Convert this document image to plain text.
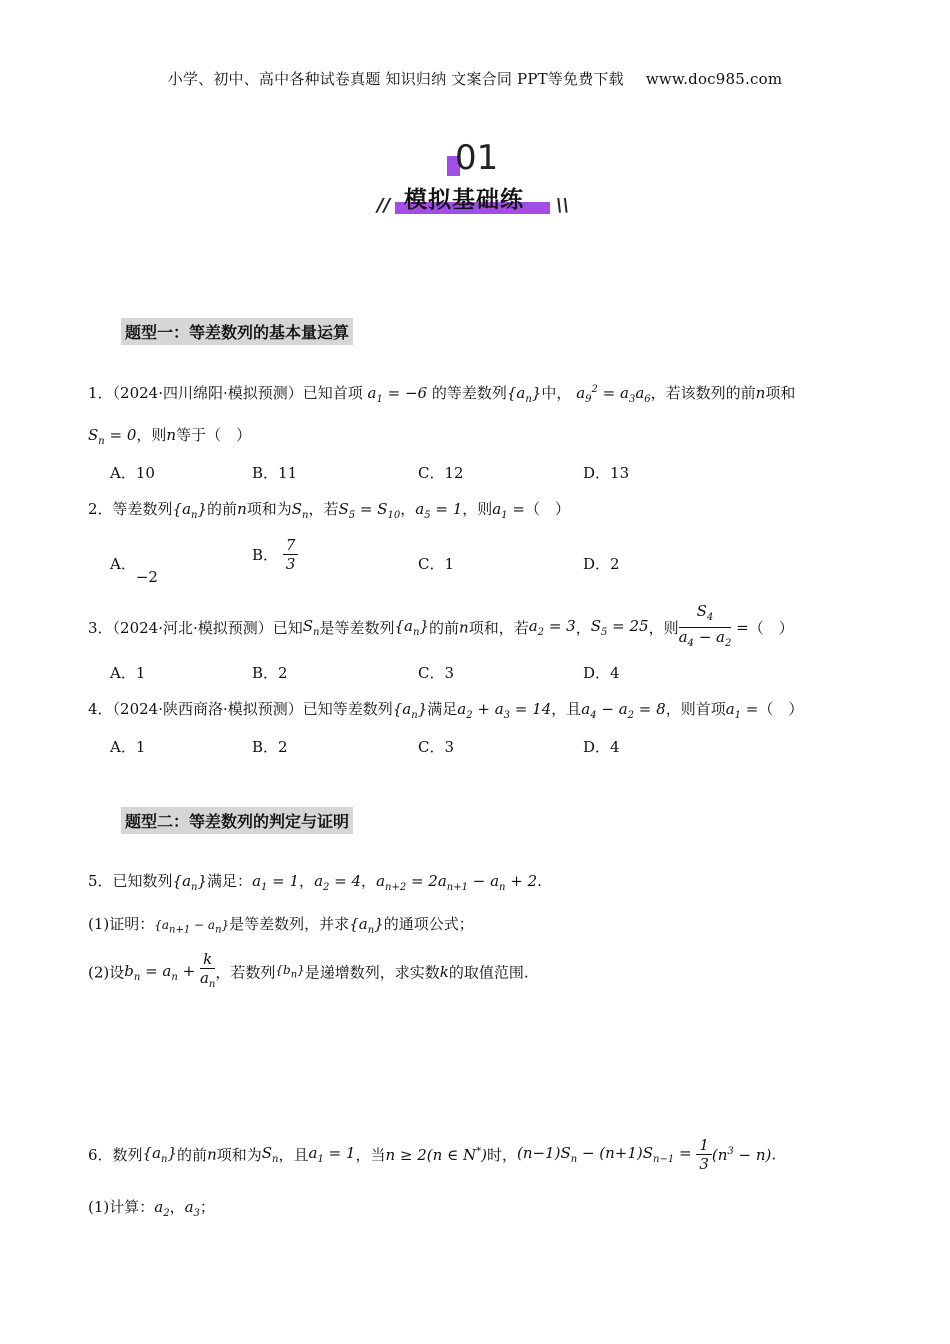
小学、初中、高中各种试卷真题 知识归纳 文案合同 PPT等免费下载 www.doc985.com
01
// 模拟基础练 \\
题型一：等差数列的基本量运算
1．（2024·四川绵阳·模拟预测）已知首项 $a_1 = -6$ 的等差数列$\{a_n\}$中， $a_9^2 = a_3a_6$，若该数列的前n项和
$S_n = 0$，则n等于（　）
A．10	B．11	C．12	D．13
2．等差数列$\{a_n\}$的前n项和为$S_n$，若$S_5 = S_{10}$，$a_5 = 1$，则$a_1$ =（　）
A．−2
B． $\frac{7}{3}$	C．1	D．2
3．（2024·河北·模拟预测）已知$S_n$是等差数列$\{a_n\}$的前n项和，若$a_2 = 3$，$S_5 = 25$，则 $\frac{S_4}{a_4 - a_2}$ =（　）
A．1	B．2	C．3	D．4
4．（2024·陕西商洛·模拟预测）已知等差数列$\{a_n\}$满足$a_2 + a_3 = 14$，且$a_4 - a_2 = 8$，则首项$a_1$ =（　）
A．1	B．2	C．3	D．4
题型二：等差数列的判定与证明
5．已知数列$\{a_n\}$满足：$a_1 = 1$，$a_2 = 4$，$a_{n+2} = 2a_{n+1} - a_n + 2$.
(1)证明：$\{a_{n+1} - a_n\}$是等差数列，并求$\{a_n\}$的通项公式；
(2)设$b_n = a_n + \frac{k}{a_n}$ ，若数列$\{b_n\}$是递增数列，求实数k的取值范围.
6．数列$\{a_n\}$的前n项和为$S_n$，且$a_1 = 1$，当n ≥ 2(n ∈ N*)时，$(n-1)S_n - (n+1)S_{n-1} = \frac{1}{3} (n^3 - n)$.
(1)计算：$a_2$，$a_3$；
